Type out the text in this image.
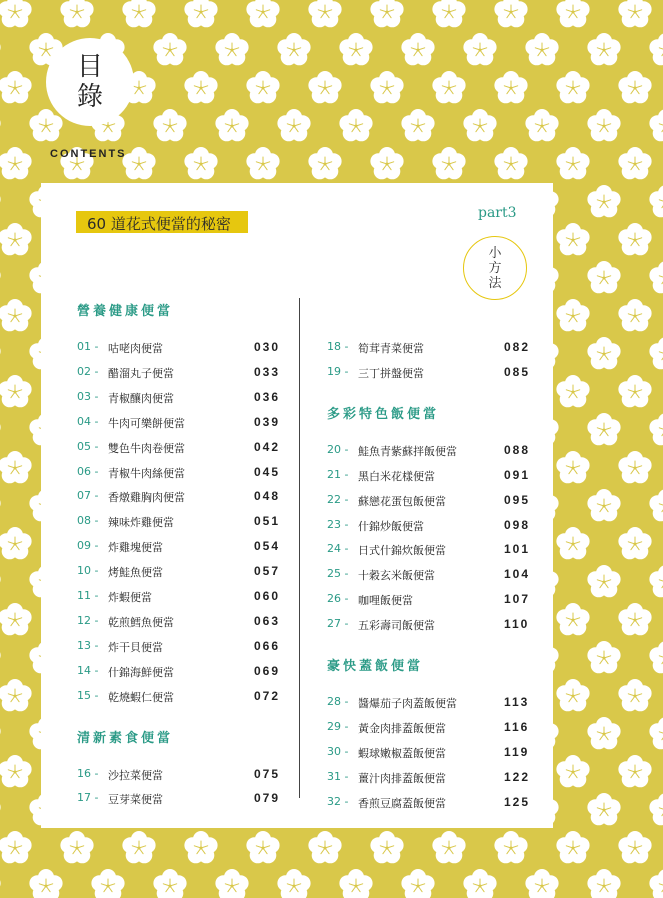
目
錄
CONTENTS
60 道花式便當的秘密
part3
小
方
法
營養健康便當
01 - 咕咾肉便當	030
02 - 醋溜丸子便當	033
03 - 青椒釀肉便當	036
04 - 牛肉可樂餅便當	039
05 - 雙色牛肉卷便當	042
06 - 青椒牛肉絲便當	045
07 - 香燉雞胸肉便當	048
08 - 辣味炸雞便當	051
09 - 炸雞塊便當	054
10 - 烤鮭魚便當	057
11 - 炸蝦便當	060
12 - 乾煎鱈魚便當	063
13 - 炸干貝便當	066
14 - 什錦海鮮便當	069
15 - 乾燒蝦仁便當	072
清新素食便當
16 - 沙拉菜便當	075
17 - 豆芽菜便當	079
18 - 筍茸青菜便當	082
19 - 三丁拼盤便當	085
多彩特色飯便當
20 - 鮭魚青紫蘇拌飯便當	088
21 - 黑白米花樣便當	091
22 - 蘇戀花蛋包飯便當	095
23 - 什錦炒飯便當	098
24 - 日式什錦炊飯便當	101
25 - 十穀玄米飯便當	104
26 - 咖哩飯便當	107
27 - 五彩壽司飯便當	110
豪快蓋飯便當
28 - 醬爆茄子肉蓋飯便當	113
29 - 黃金肉排蓋飯便當	116
30 - 蝦球嫩椒蓋飯便當	119
31 - 薑汁肉排蓋飯便當	122
32 - 香煎豆腐蓋飯便當	125
